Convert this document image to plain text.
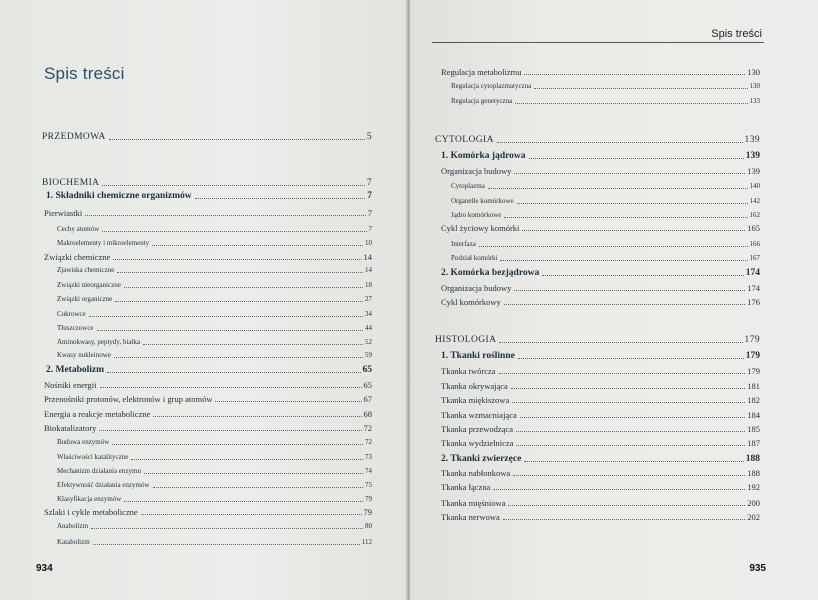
Spis treści
PRZEDMOWA	5
BIOCHEMIA	7
1. Składniki chemiczne organizmów	7
Pierwiastki	7
Cechy atomów	7
Makroelementy i mikroelementy	10
Związki chemiczne	14
Zjawiska chemiczne	14
Związki nieorganiczne	18
Związki organiczne	27
Cukrowce	34
Tłuszczowce	44
Aminokwasy, peptydy, białka	52
Kwasy nukleinowe	59
2. Metabolizm	65
Nośniki energii	65
Przenośniki protonów, elektronów i grup atomów	67
Energia a reakcje metaboliczne	68
Biokatalizatory	72
Budowa enzymów	72
Właściwości katalityczne	73
Mechanizm działania enzymu	74
Efektywność działania enzymów	75
Klasyfikacja enzymów	79
Szlaki i cykle metaboliczne	79
Anabolizm	80
Katabolizm	112
934
Spis treści
Regulacja metabolizmu	130
Regulacja cytoplazmatyczna	130
Regulacja genetyczna	133
CYTOLOGIA	139
1. Komórka jądrowa	139
Organizacja budowy	139
Cytoplazma	140
Organelle komórkowe	142
Jądro komórkowe	162
Cykl życiowy komórki	165
Interfaza	166
Podział komórki	167
2. Komórka bezjądrowa	174
Organizacja budowy	174
Cykl komórkowy	176
HISTOLOGIA	179
1. Tkanki roślinne	179
Tkanka twórcza	179
Tkanka okrywająca	181
Tkanka miękiszowa	182
Tkanka wzmacniająca	184
Tkanka przewodząca	185
Tkanka wydzielnicza	187
2. Tkanki zwierzęce	188
Tkanka nabłonkowa	188
Tkanka łączna	192
Tkanka mięśniowa	200
Tkanka nerwowa	202
935
